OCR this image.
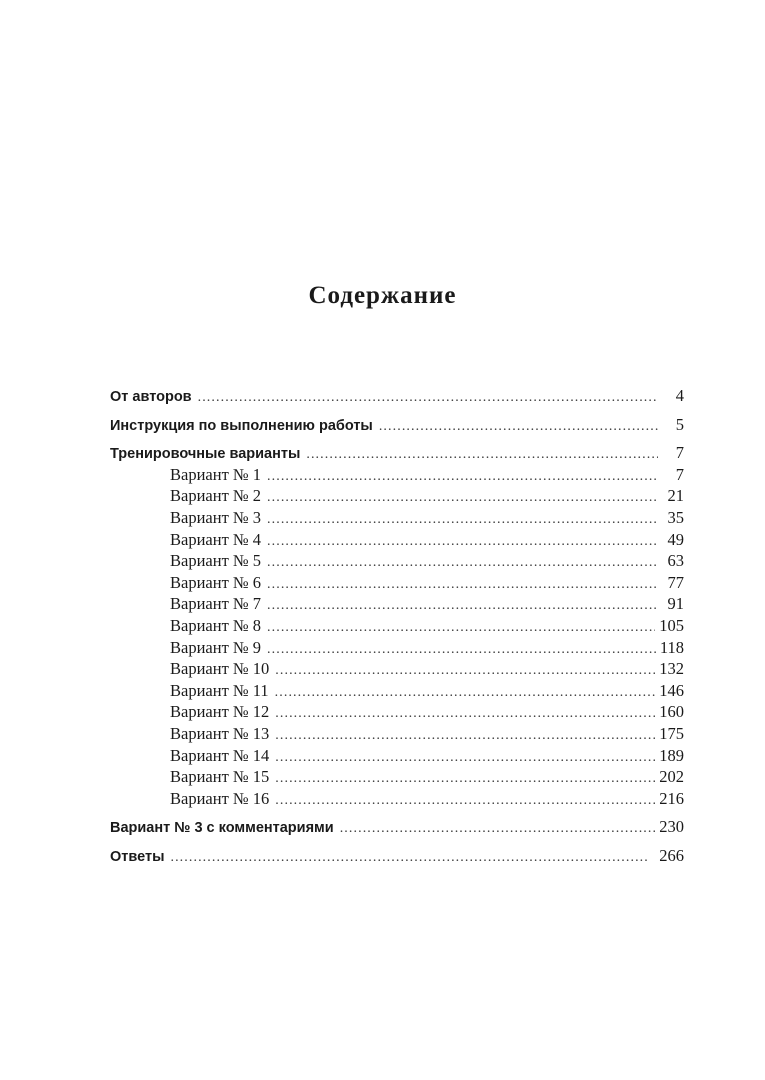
Содержание
От авторов . . .	4
Инструкция по выполнению работы . . .	5
Тренировочные варианты . . .	7
Вариант № 1 . . .	7
Вариант № 2 . . .	21
Вариант № 3 . . .	35
Вариант № 4 . . .	49
Вариант № 5 . . .	63
Вариант № 6 . . .	77
Вариант № 7 . . .	91
Вариант № 8 . . .	105
Вариант № 9 . . .	118
Вариант № 10 . . .	132
Вариант № 11 . . .	146
Вариант № 12 . . .	160
Вариант № 13 . . .	175
Вариант № 14 . . .	189
Вариант № 15 . . .	202
Вариант № 16 . . .	216
Вариант № 3 с комментариями . . .	230
Ответы . . .	266
